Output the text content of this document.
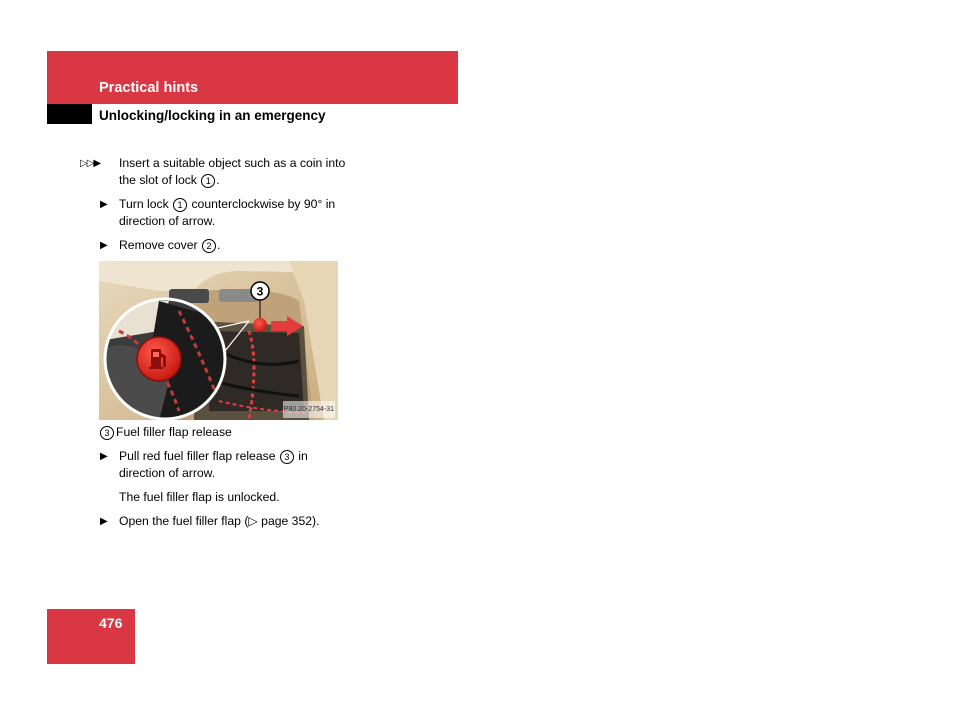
Practical hints
Unlocking/locking in an emergency
▷▷▶ Insert a suitable object such as a coin into the slot of lock 1 .
▶ Turn lock 1 counterclockwise by 90° in direction of arrow.
▶ Remove cover 2 .
3
P80.20-2754-31
3 Fuel filler flap release
▶ Pull red fuel filler flap release 3 in direction of arrow.
The fuel filler flap is unlocked.
▶ Open the fuel filler flap (▷ page 352).
476
